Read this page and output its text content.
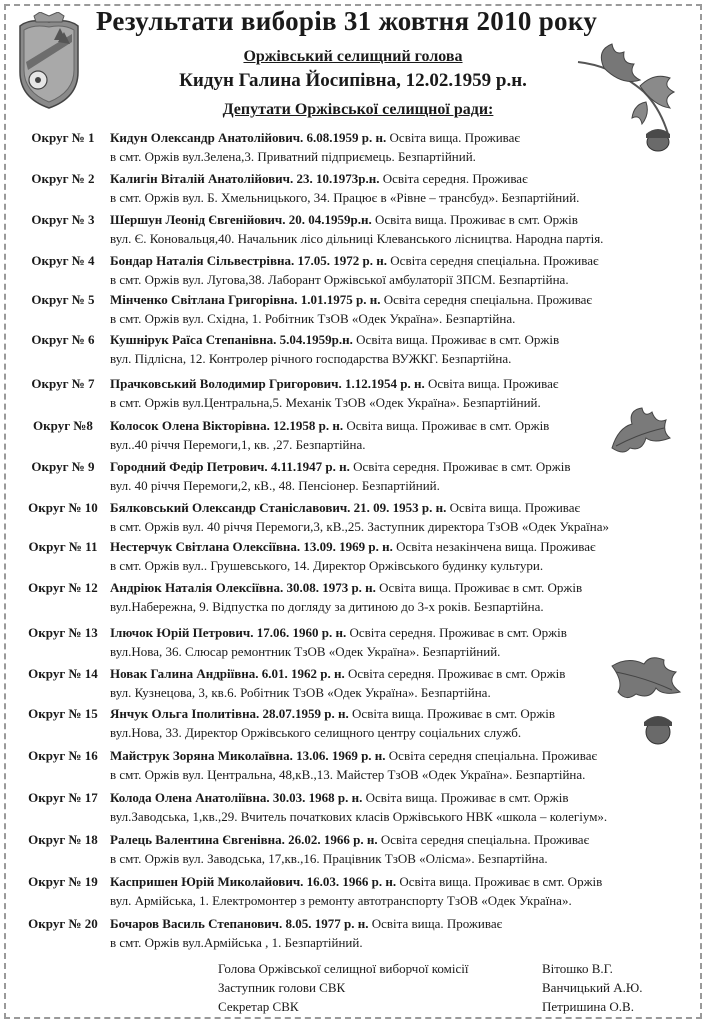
Результати виборів 31 жовтня 2010 року
Оржівський селищний голова
Кидун Галина Йосипівна, 12.02.1959 р.н.
Депутати Оржівської селищної ради:
Округ № 1	Кидун Олександр Анатолійович. 6.08.1959 р. н. Освіта вища. Проживає
в смт. Оржів вул.Зелена,3. Приватний підприємець. Безпартійний.
Округ № 2	Калигін Віталій Анатолійович. 23. 10.1973р.н. Освіта середня. Проживає
в смт. Оржів вул. Б. Хмельницького, 34. Працює в «Рівне – трансбуд». Безпартійний.
Округ № 3	Шершун Леонід Євгенійович. 20. 04.1959р.н. Освіта вища. Проживає в смт. Оржів
вул. Є. Коновальця,40. Начальник лісо дільниці Клеванського лісництва. Народна партія.
Округ № 4	Бондар Наталія Сільвестрівна. 17.05. 1972 р. н. Освіта середня спеціальна. Проживає
в смт. Оржів вул. Лугова,38. Лаборант Оржівської амбулаторії ЗПСМ. Безпартійна.
Округ № 5	Мінченко Світлана Григорівна. 1.01.1975 р. н. Освіта середня спеціальна. Проживає
в смт. Оржів вул. Східна, 1. Робітник ТзОВ «Одек Україна». Безпартійна.
Округ № 6	Кушнірук Раїса Степанівна. 5.04.1959р.н. Освіта вища. Проживає в смт. Оржів
вул. Підлісна, 12. Контролер річного господарства ВУЖКГ. Безпартійна.
Округ № 7	Прачковський Володимир Григорович. 1.12.1954 р. н. Освіта вища. Проживає
в смт. Оржів вул.Центральна,5. Механік ТзОВ «Одек Україна». Безпартійний.
Округ №8	Колосок Олена Вікторівна. 12.1958 р. н. Освіта вища. Проживає в смт. Оржів
вул..40 річчя Перемоги,1, кв. ,27. Безпартійна.
Округ № 9	Городний Федір Петрович. 4.11.1947 р. н. Освіта середня. Проживає в смт. Оржів
вул. 40 річчя Перемоги,2, кВ., 48. Пенсіонер. Безпартійний.
Округ № 10 Бялковський Олександр Станіславович. 21. 09. 1953 р. н. Освіта вища. Проживає
в смт. Оржів вул. 40 річчя Перемоги,3, кВ.,25. Заступник директора ТзОВ «Одек Україна»
Округ № 11 Нестерчук Світлана Олексіївна. 13.09. 1969 р. н. Освіта незакінчена вища. Проживає
в смт. Оржів вул.. Грушевського, 14. Директор Оржівського будинку культури.
Округ № 12 Андріюк Наталія Олексіївна. 30.08. 1973 р. н. Освіта вища. Проживає в смт. Оржів
вул.Набережна, 9. Відпустка по догляду за дитиною до 3-х років. Безпартійна.
Округ № 13 Ілючок Юрій Петрович. 17.06. 1960 р. н. Освіта середня. Проживає в смт. Оржів
вул.Нова, 36. Слюсар ремонтник ТзОВ «Одек Україна». Безпартійний.
Округ № 14 Новак Галина Андріївна. 6.01. 1962 р. н. Освіта середня. Проживає в смт. Оржів
вул. Кузнецова, 3, кв.6. Робітник ТзОВ «Одек Україна». Безпартійна.
Округ № 15 Янчук Ольга Іполитівна. 28.07.1959 р. н. Освіта вища. Проживає в смт. Оржів
вул.Нова, 33. Директор Оржівського селищного центру соціальних служб.
Округ № 16 Майструк Зоряна Миколаївна. 13.06. 1969 р. н. Освіта середня спеціальна. Проживає
в смт. Оржів вул. Центральна, 48,кВ.,13. Майстер ТзОВ «Одек Україна». Безпартійна.
Округ № 17 Колода Олена Анатоліївна. 30.03. 1968 р. н. Освіта вища. Проживає в смт. Оржів
вул.Заводська, 1,кв.,29. Вчитель початкових класів Оржівського НВК «школа – колегіум».
Округ № 18 Ралець Валентина Євгенівна. 26.02. 1966 р. н. Освіта середня спеціальна. Проживає
в смт. Оржів вул. Заводська, 17,кв.,16. Працівник ТзОВ «Олісма». Безпартійна.
Округ № 19 Каспришен Юрій Миколайович. 16.03. 1966 р. н. Освіта вища. Проживає в смт. Оржів
вул. Армійська, 1. Електромонтер з ремонту автотранспорту ТзОВ «Одек Україна».
Округ № 20 Бочаров Василь Степанович. 8.05. 1977 р. н. Освіта вища. Проживає
в смт. Оржів вул.Армійська , 1. Безпартійний.
Голова Оржівської селищної виборчої комісії	Вітошко В.Г.
Заступник голови СВК	Ванчицький А.Ю.
Секретар СВК	Петришина О.В.
